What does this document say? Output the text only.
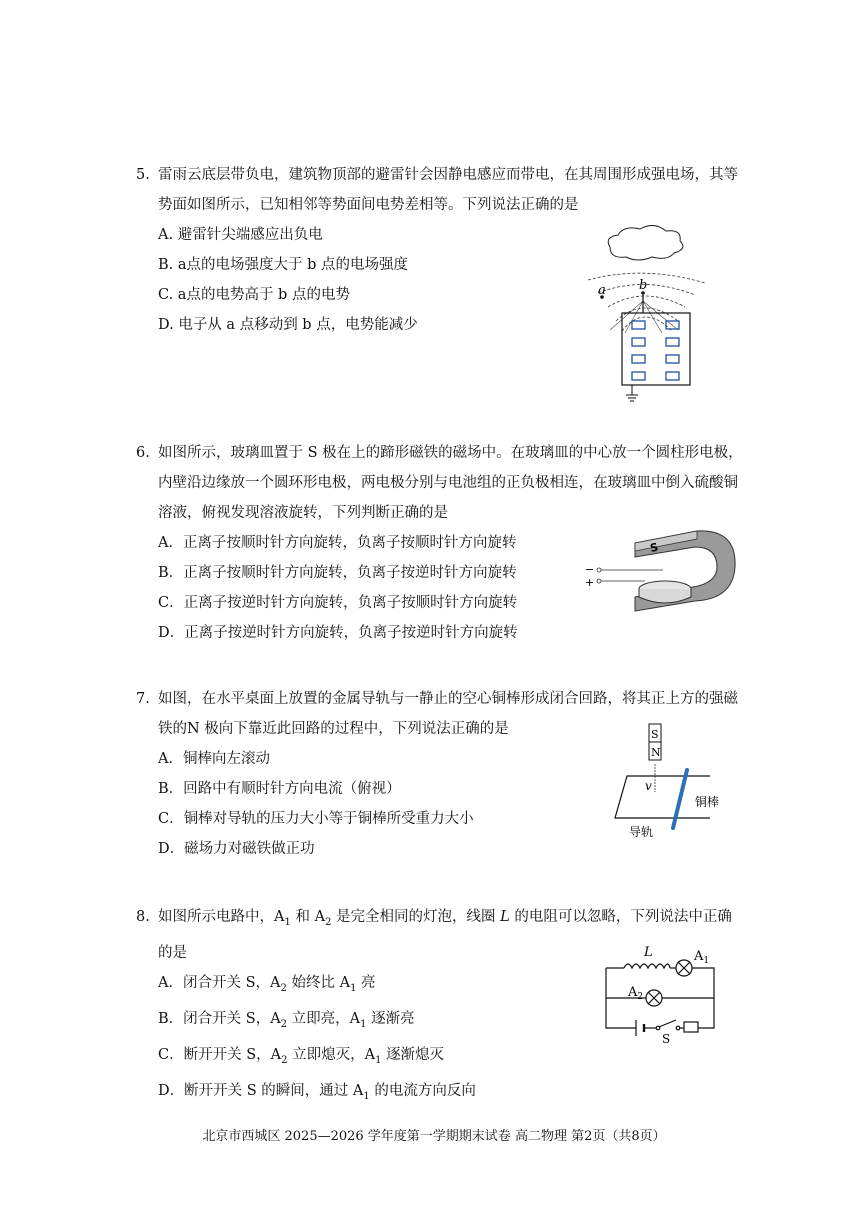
5. 雷雨云底层带负电，建筑物顶部的避雷针会因静电感应而带电，在其周围形成强电场，其等势面如图所示，已知相邻等势面间电势差相等。下列说法正确的是

A. 避雷针尖端感应出负电

B. a点的电场强度大于 b 点的电场强度

C. a点的电势高于 b 点的电势

D. 电子从 a 点移动到 b 点，电势能减少

a	b

6. 如图所示，玻璃皿置于 S 极在上的蹄形磁铁的磁场中。在玻璃皿的中心放一个圆柱形电极，内壁沿边缘放一个圆环形电极，两电极分别与电池组的正负极相连，在玻璃皿中倒入硫酸铜溶液，俯视发现溶液旋转，下列判断正确的是

A．正离子按顺时针方向旋转，负离子按顺时针方向旋转

B．正离子按顺时针方向旋转，负离子按逆时针方向旋转

C．正离子按逆时针方向旋转，负离子按顺时针方向旋转

D．正离子按逆时针方向旋转，负离子按逆时针方向旋转

S
−
+

7. 如图，在水平桌面上放置的金属导轨与一静止的空心铜棒形成闭合回路，将其正上方的强磁铁的N 极向下靠近此回路的过程中，下列说法正确的是

A．铜棒向左滚动

B．回路中有顺时针方向电流（俯视）

C．铜棒对导轨的压力大小等于铜棒所受重力大小

D．磁场力对磁铁做正功

S
N
v
铜棒
导轨

8. 如图所示电路中，$A_1$ 和 $A_2$ 是完全相同的灯泡，线圈 L 的电阻可以忽略，下列说法中正确的是

A．闭合开关 S，$A_2$ 始终比 $A_1$ 亮

B．闭合开关 S，$A_2$ 立即亮，$A_1$ 逐渐亮

C．断开开关 S，$A_2$ 立即熄灭，$A_1$ 逐渐熄灭

D．断开开关 S 的瞬间，通过 $A_1$ 的电流方向反向

L	$A_1$
$A_2$
S
北京市西城区 2025—2026 学年度第一学期期末试卷 高二物理 第2页（共8页）
